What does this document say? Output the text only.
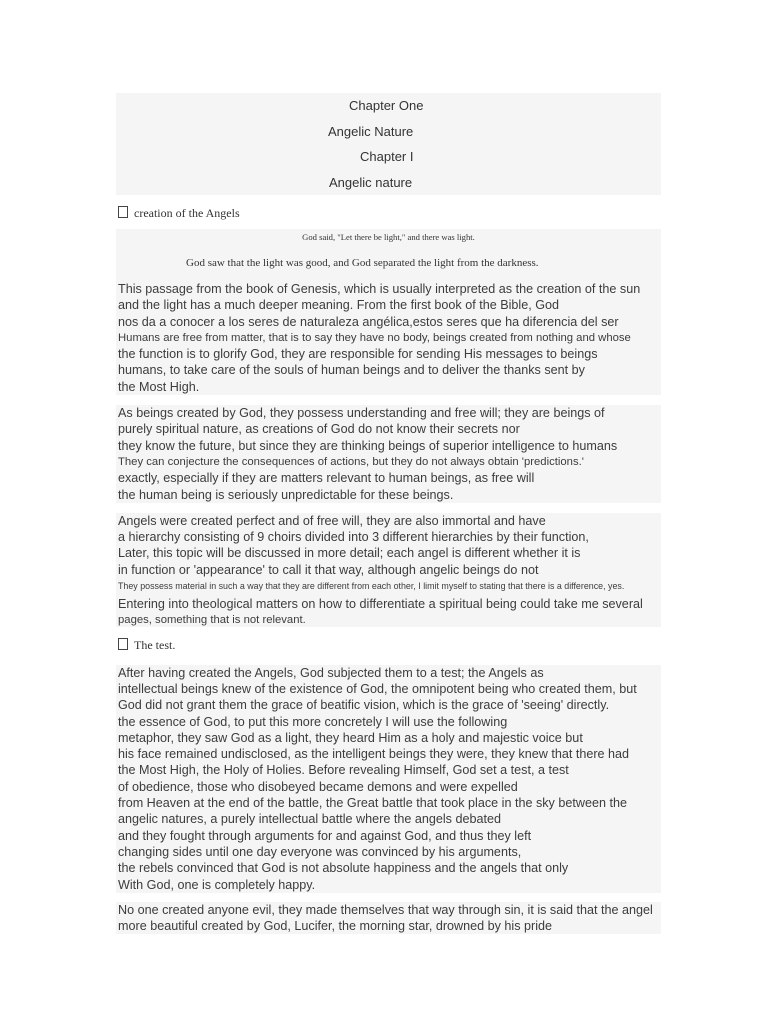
Chapter One
Angelic Nature
Chapter I
Angelic nature
creation of the Angels
God said, "Let there be light," and there was light.
God saw that the light was good, and God separated the light from the darkness.
This passage from the book of Genesis, which is usually interpreted as the creation of the sun
and the light has a much deeper meaning. From the first book of the Bible, God
nos da a conocer a los seres de naturaleza angélica,estos seres que ha diferencia del ser
Humans are free from matter, that is to say they have no body, beings created from nothing and whose
the function is to glorify God, they are responsible for sending His messages to beings
humans, to take care of the souls of human beings and to deliver the thanks sent by
the Most High.
As beings created by God, they possess understanding and free will; they are beings of
purely spiritual nature, as creations of God do not know their secrets nor
they know the future, but since they are thinking beings of superior intelligence to humans
They can conjecture the consequences of actions, but they do not always obtain 'predictions.'
exactly, especially if they are matters relevant to human beings, as free will
the human being is seriously unpredictable for these beings.
Angels were created perfect and of free will, they are also immortal and have
a hierarchy consisting of 9 choirs divided into 3 different hierarchies by their function,
Later, this topic will be discussed in more detail; each angel is different whether it is
in function or 'appearance' to call it that way, although angelic beings do not
They possess material in such a way that they are different from each other, I limit myself to stating that there is a difference, yes.
Entering into theological matters on how to differentiate a spiritual being could take me several
pages, something that is not relevant.
The test.
After having created the Angels, God subjected them to a test; the Angels as
intellectual beings knew of the existence of God, the omnipotent being who created them, but
God did not grant them the grace of beatific vision, which is the grace of 'seeing' directly.
the essence of God, to put this more concretely I will use the following
metaphor, they saw God as a light, they heard Him as a holy and majestic voice but
his face remained undisclosed, as the intelligent beings they were, they knew that there had
the Most High, the Holy of Holies. Before revealing Himself, God set a test, a test
of obedience, those who disobeyed became demons and were expelled
from Heaven at the end of the battle, the Great battle that took place in the sky between the
angelic natures, a purely intellectual battle where the angels debated
and they fought through arguments for and against God, and thus they left
changing sides until one day everyone was convinced by his arguments,
the rebels convinced that God is not absolute happiness and the angels that only
With God, one is completely happy.
No one created anyone evil, they made themselves that way through sin, it is said that the angel
more beautiful created by God, Lucifer, the morning star, drowned by his pride
